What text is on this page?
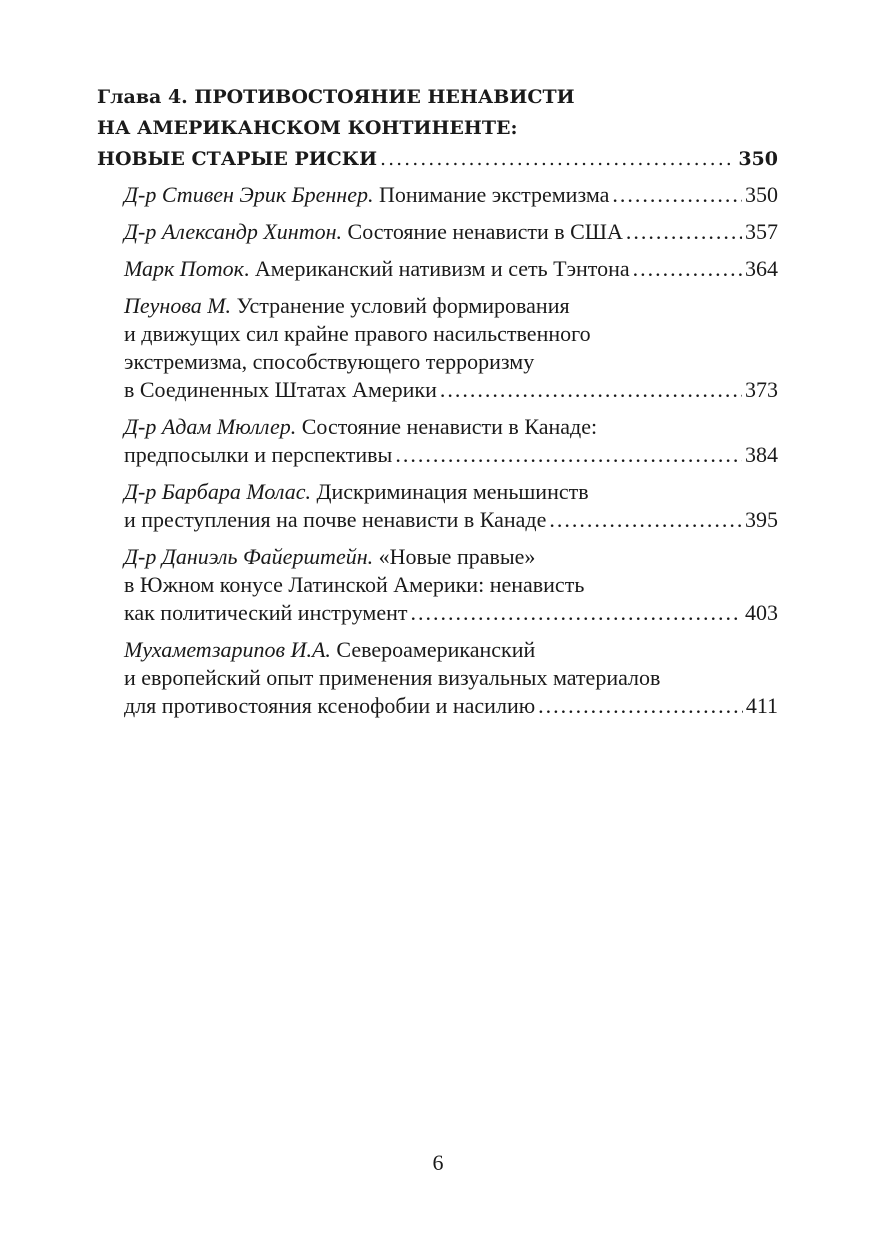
Глава 4. ПРОТИВОСТОЯНИЕ НЕНАВИСТИ
НА АМЕРИКАНСКОМ КОНТИНЕНТЕ:
НОВЫЕ СТАРЫЕ РИСКИ .....	350
Д-р Стивен Эрик Бреннер. Понимание экстремизма .....	350
Д-р Александр Хинтон. Состояние ненависти в США .....	357
Марк Поток. Американский нативизм и сеть Тэнтона .....	364
Пеунова М. Устранение условий формирования
и движущих сил крайне правого насильственного
экстремизма, способствующего терроризму
в Соединенных Штатах Америки .....	373
Д-р Адам Мюллер. Состояние ненависти в Канаде:
предпосылки и перспективы .....	384
Д-р Барбара Молас. Дискриминация меньшинств
и преступления на почве ненависти в Канаде .....	395
Д-р Даниэль Файерштейн. «Новые правые»
в Южном конусе Латинской Америки: ненависть
как политический инструмент .....	403
Мухаметзарипов И.А. Североамериканский
и европейский опыт применения визуальных материалов
для противостояния ксенофобии и насилию .....	411
6
